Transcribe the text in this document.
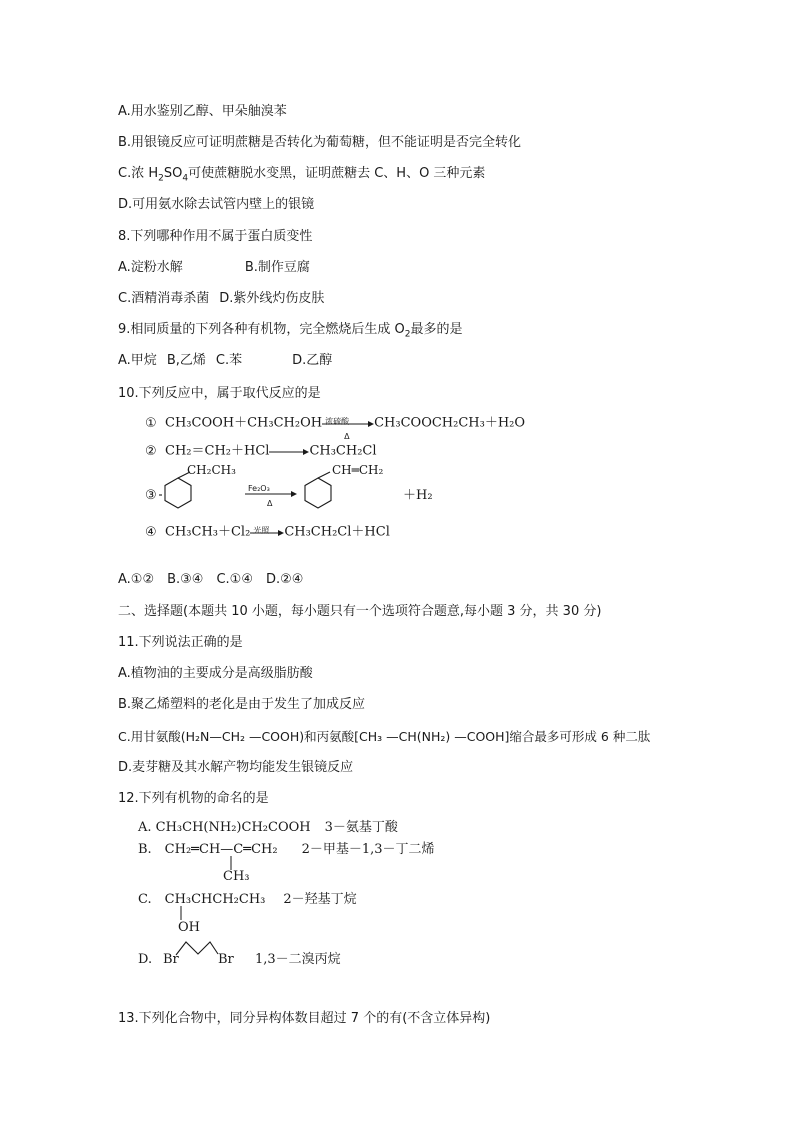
A.用水鉴别乙醇、甲朵舳溴苯
B.用银镜反应可证明蔗糖是否转化为葡萄糖，但不能证明是否完全转化
C.浓 $H_2SO_4$可使蔗糖脱水变黑，证明蔗糖去 C、H、O 三种元素
D.可用氨水除去试管内壁上的银镜
8.下列哪种作用不属于蛋白质变性
A.淀粉水解	B.制作豆腐
C.酒精消毒杀菌 D.紫外线灼伤皮肤
9.相同质量的下列各种有机物，完全燃烧后生成 $O_2$最多的是
A.甲烷 B,乙烯 C.苯	D.乙醇
10.下列反应中，属于取代反应的是
① CH₃COOH＋CH₃CH₂OH 浓硫酸
Δ
CH₃COOCH₂CH₃＋H₂O
② CH₂＝CH₂＋HCl→CH₃CH₂Cl
③
CH₂CH₃
Fe₂O₃
Δ
CH═CH₂
＋H₂
④ CH₃CH₃＋Cl₂ 光照 CH₃CH₂Cl＋HCl
A.①②　B.③④　C.①④　D.②④
二、选择题(本题共 10 小题，每小题只有一个选项符合题意,每小题 3 分，共 30 分)
11.下列说法正确的是
A.植物油的主要成分是高级脂肪酸
B.聚乙烯塑料的老化是由于发生了加成反应
C.用甘氨酸(H₂N—CH₂ —COOH)和丙氨酸[CH₃ —CH(NH₂) —COOH]缩合最多可形成 6 种二肽
D.麦芽糖及其水解产物均能发生银镜反应
12.下列有机物的命名的是
A. CH₃CH(NH₂)CH₂COOH 3－氨基丁酸
B.　CH₂═CH—C═CH₂ 2－甲基－1,3－丁二烯
CH₃
C.　CH₃CHCH₂CH₃ 2－羟基丁烷
OH
D. Br	Br 1,3－二溴丙烷
13.下列化合物中，同分异构体数目超过 7 个的有(不含立体异构)
